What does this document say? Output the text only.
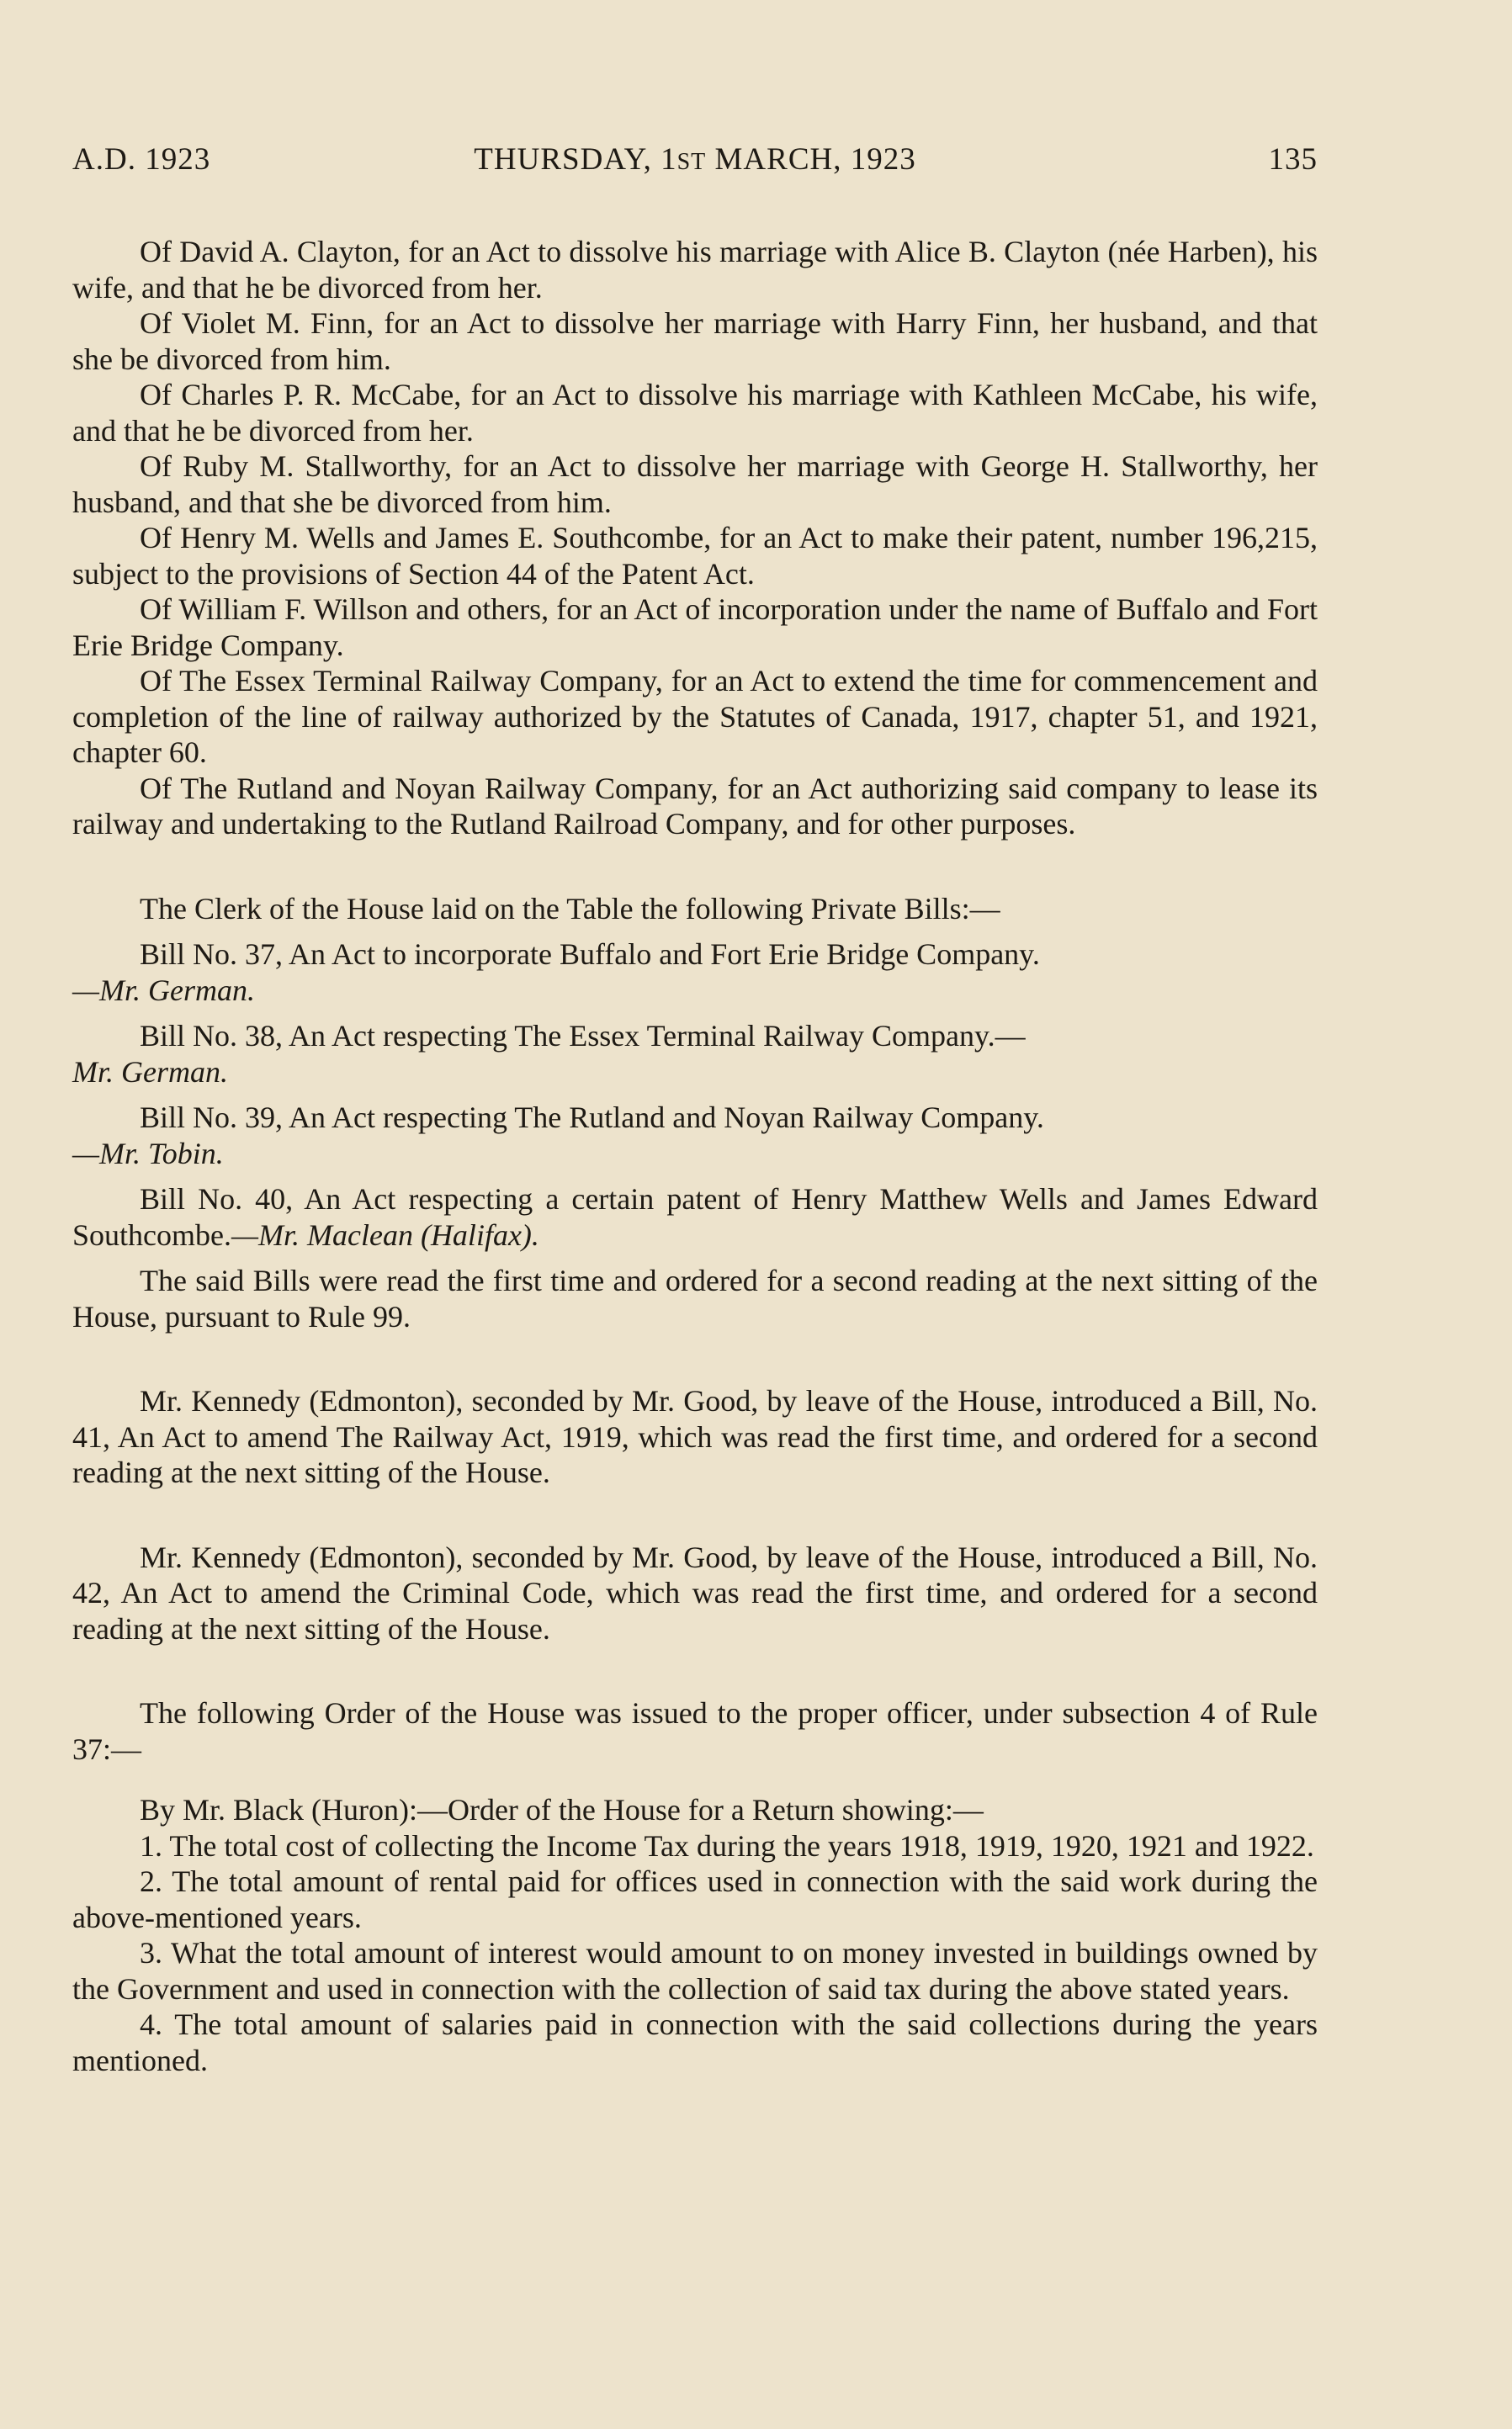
A.D. 1923	THURSDAY, 1ST MARCH, 1923	135

Of David A. Clayton, for an Act to dissolve his marriage with Alice B. Clayton (née Harben), his wife, and that he be divorced from her.

Of Violet M. Finn, for an Act to dissolve her marriage with Harry Finn, her husband, and that she be divorced from him.

Of Charles P. R. McCabe, for an Act to dissolve his marriage with Kathleen McCabe, his wife, and that he be divorced from her.

Of Ruby M. Stallworthy, for an Act to dissolve her marriage with George H. Stallworthy, her husband, and that she be divorced from him.

Of Henry M. Wells and James E. Southcombe, for an Act to make their patent, number 196,215, subject to the provisions of Section 44 of the Patent Act.

Of William F. Willson and others, for an Act of incorporation under the name of Buffalo and Fort Erie Bridge Company.

Of The Essex Terminal Railway Company, for an Act to extend the time for commencement and completion of the line of railway authorized by the Statutes of Canada, 1917, chapter 51, and 1921, chapter 60.

Of The Rutland and Noyan Railway Company, for an Act authorizing said company to lease its railway and undertaking to the Rutland Railroad Company, and for other purposes.

The Clerk of the House laid on the Table the following Private Bills:—

Bill No. 37, An Act to incorporate Buffalo and Fort Erie Bridge Company.
—Mr. German.

Bill No. 38, An Act respecting The Essex Terminal Railway Company.—
Mr. German.

Bill No. 39, An Act respecting The Rutland and Noyan Railway Company.
—Mr. Tobin.

Bill No. 40, An Act respecting a certain patent of Henry Matthew Wells and James Edward Southcombe.—Mr. Maclean (Halifax).

The said Bills were read the first time and ordered for a second reading at the next sitting of the House, pursuant to Rule 99.

Mr. Kennedy (Edmonton), seconded by Mr. Good, by leave of the House, introduced a Bill, No. 41, An Act to amend The Railway Act, 1919, which was read the first time, and ordered for a second reading at the next sitting of the House.

Mr. Kennedy (Edmonton), seconded by Mr. Good, by leave of the House, introduced a Bill, No. 42, An Act to amend the Criminal Code, which was read the first time, and ordered for a second reading at the next sitting of the House.

The following Order of the House was issued to the proper officer, under subsection 4 of Rule 37:—

By Mr. Black (Huron):—Order of the House for a Return showing:—

1. The total cost of collecting the Income Tax during the years 1918, 1919, 1920, 1921 and 1922.

2. The total amount of rental paid for offices used in connection with the said work during the above-mentioned years.

3. What the total amount of interest would amount to on money invested in buildings owned by the Government and used in connection with the collection of said tax during the above stated years.

4. The total amount of salaries paid in connection with the said collections during the years mentioned.
